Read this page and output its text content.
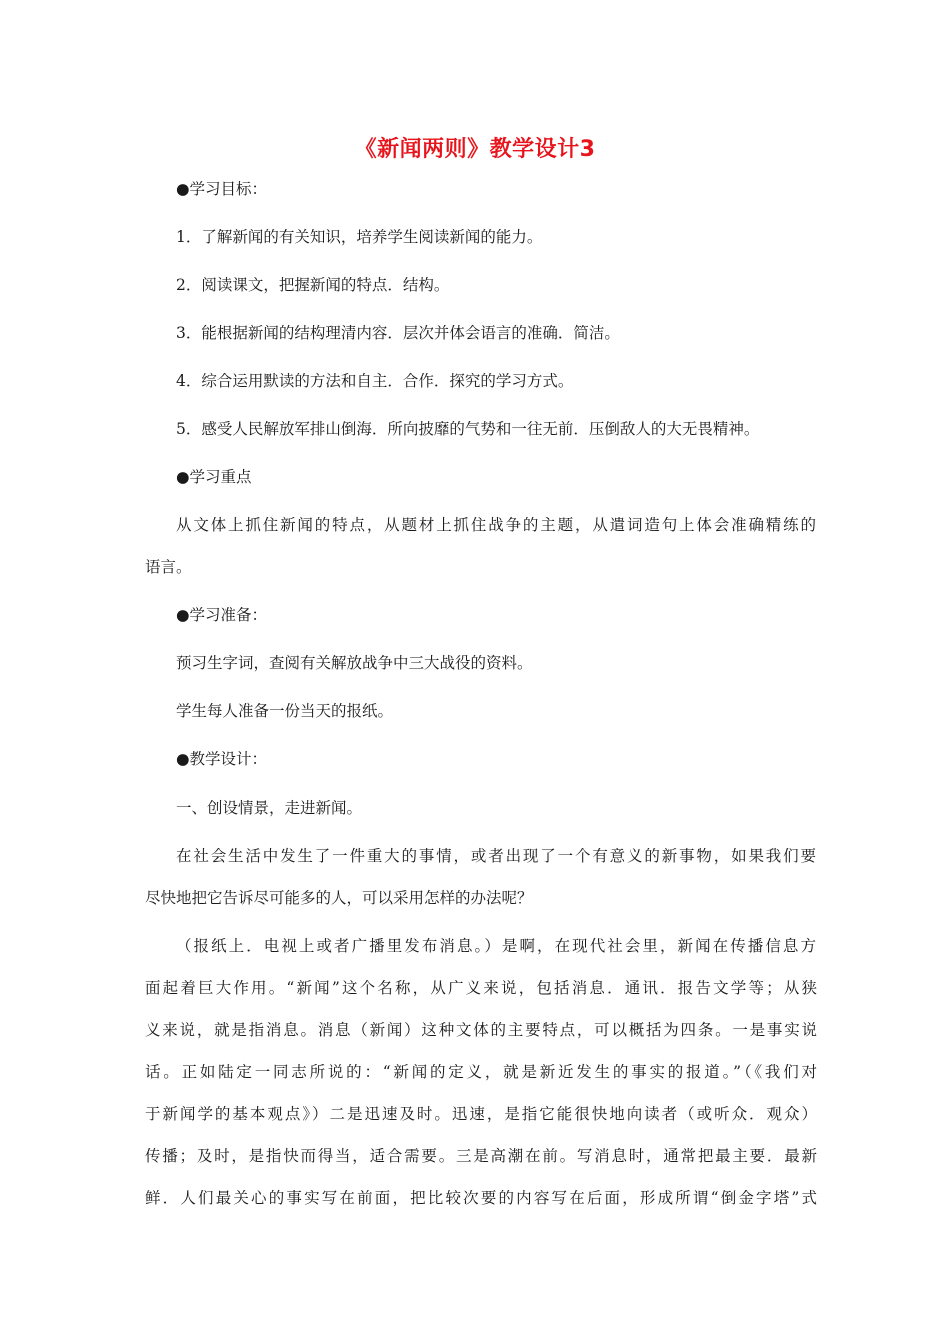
《新闻两则》教学设计3
●学习目标：
1．了解新闻的有关知识，培养学生阅读新闻的能力。
2．阅读课文，把握新闻的特点．结构。
3．能根据新闻的结构理清内容．层次并体会语言的准确．简洁。
4．综合运用默读的方法和自主．合作．探究的学习方式。
5．感受人民解放军排山倒海．所向披靡的气势和一往无前．压倒敌人的大无畏精神。
●学习重点
从文体上抓住新闻的特点，从题材上抓住战争的主题，从遣词造句上体会准确精练的
语言。
●学习准备：
预习生字词，查阅有关解放战争中三大战役的资料。
学生每人准备一份当天的报纸。
●教学设计：
一、创设情景，走进新闻。
在社会生活中发生了一件重大的事情，或者出现了一个有意义的新事物，如果我们要
尽快地把它告诉尽可能多的人，可以采用怎样的办法呢？
（报纸上．电视上或者广播里发布消息。）是啊，在现代社会里，新闻在传播信息方
面起着巨大作用。“新闻”这个名称，从广义来说，包括消息．通讯．报告文学等；从狭
义来说，就是指消息。消息（新闻）这种文体的主要特点，可以概括为四条。一是事实说
话。正如陆定一同志所说的：“新闻的定义，就是新近发生的事实的报道。”（《我们对
于新闻学的基本观点》）二是迅速及时。迅速，是指它能很快地向读者（或听众．观众）
传播；及时，是指快而得当，适合需要。三是高潮在前。写消息时，通常把最主要．最新
鲜．人们最关心的事实写在前面，把比较次要的内容写在后面，形成所谓“倒金字塔”式
